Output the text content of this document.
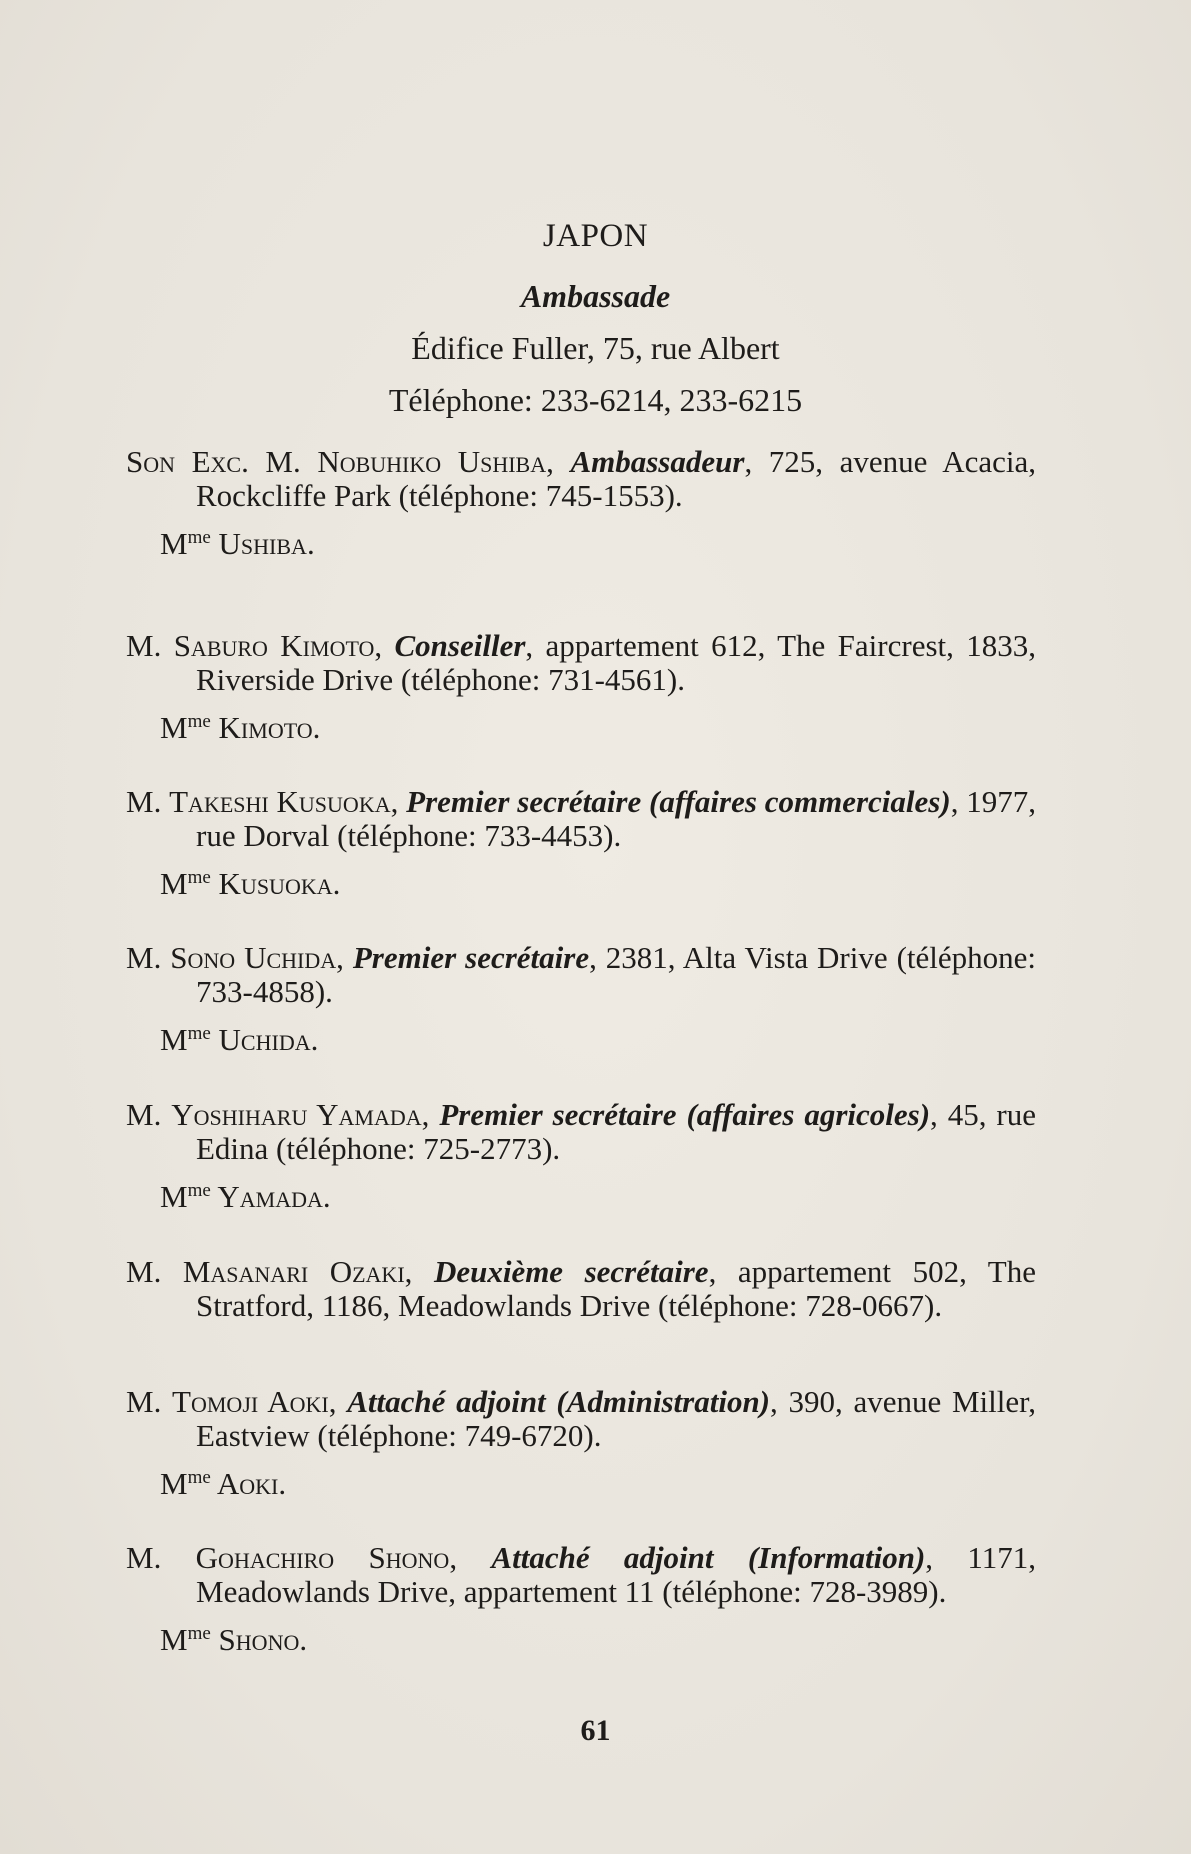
JAPON
Ambassade
Édifice Fuller, 75, rue Albert
Téléphone: 233-6214, 233-6215

Son Exc. M. Nobuhiko Ushiba, Ambassadeur, 725, avenue Acacia, Rockcliffe Park (téléphone: 745-1553).

$M^{me}$ Ushiba.

M. Saburo Kimoto, Conseiller, appartement 612, The Faircrest, 1833, Riverside Drive (téléphone: 731-4561).

$M^{me}$ Kimoto.

M. Takeshi Kusuoka, Premier secrétaire (affaires commerciales), 1977, rue Dorval (téléphone: 733-4453).

$M^{me}$ Kusuoka.

M. Sono Uchida, Premier secrétaire, 2381, Alta Vista Drive (téléphone: 733-4858).

$M^{me}$ Uchida.

M. Yoshiharu Yamada, Premier secrétaire (affaires agricoles), 45, rue Edina (téléphone: 725-2773).

$M^{me}$ Yamada.

M. Masanari Ozaki, Deuxième secrétaire, appartement 502, The Stratford, 1186, Meadowlands Drive (téléphone: 728-0667).

M. Tomoji Aoki, Attaché adjoint (Administration), 390, avenue Miller, Eastview (téléphone: 749-6720).

$M^{me}$ Aoki.

M. Gohachiro Shono, Attaché adjoint (Information), 1171, Meadowlands Drive, appartement 11 (téléphone: 728-3989).

$M^{me}$ Shono.

61
